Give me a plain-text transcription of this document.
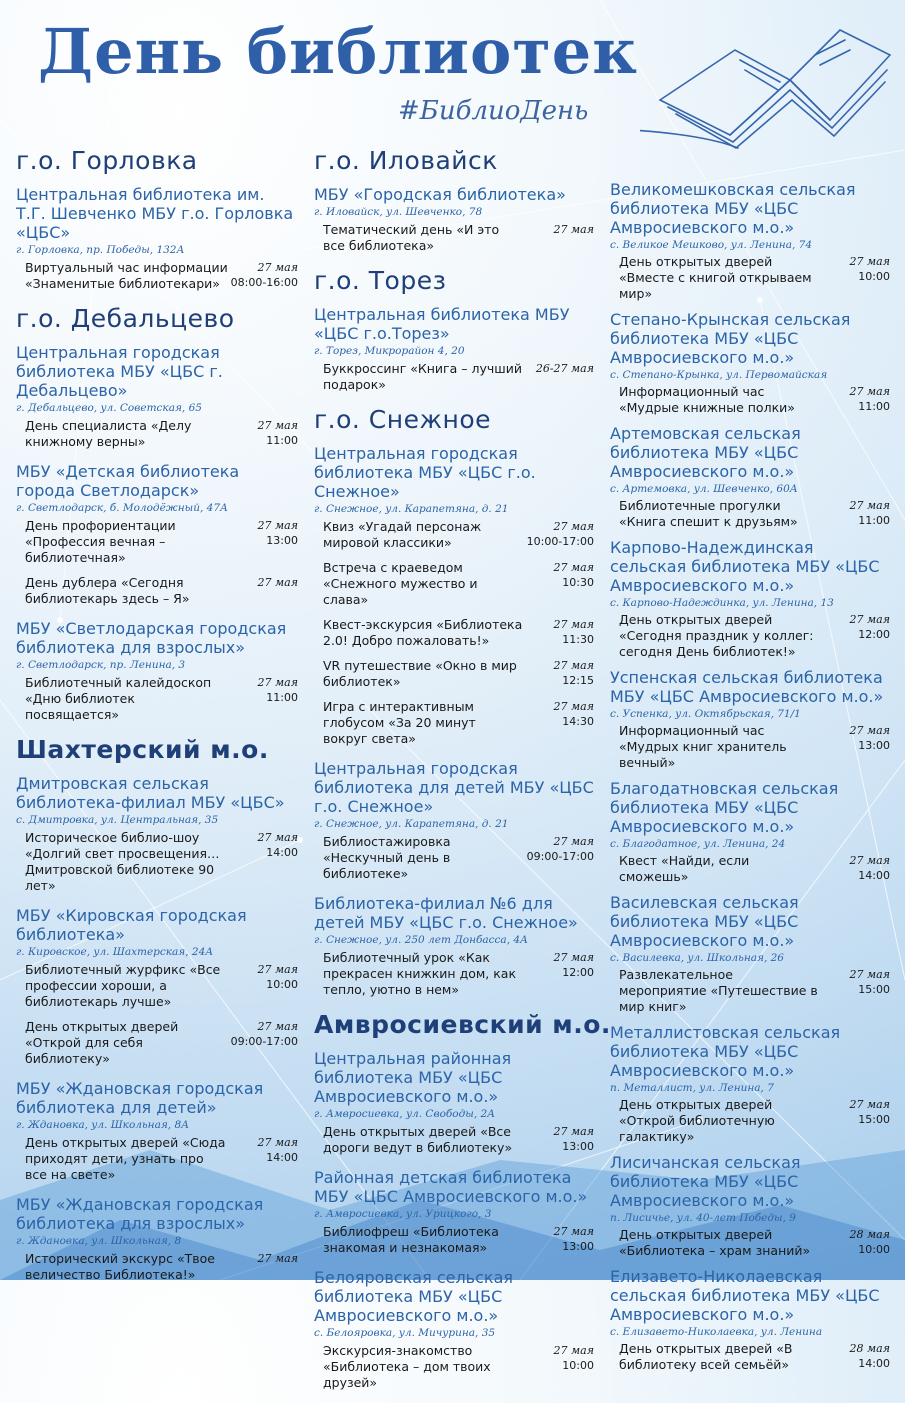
День библиотек
#БиблиоДень
г.о. Горловка
Центральная библиотека им. Т.Г. Шевченко МБУ г.о. Горловка «ЦБС»
г. Горловка, пр. Победы, 132А
Виртуальный час информации «Знаменитые библиотекари»
27 мая
08:00-16:00
г.о. Дебальцево
Центральная городская библиотека МБУ «ЦБС г. Дебальцево»
г. Дебальцево, ул. Советская, 65
День специалиста «Делу книжному верны»
27 мая
11:00
МБУ «Детская библиотека города Светлодарск»
г. Светлодарск, б. Молодёжный, 47А
День профориентации «Профессия вечная – библиотечная»
27 мая
13:00
День дублера «Сегодня библиотекарь здесь – Я»
27 мая
МБУ «Светлодарская городская библиотека для взрослых»
г. Светлодарск, пр. Ленина, 3
Библиотечный калейдоскоп «Дню библиотек посвящается»
27 мая
11:00
Шахтерский м.о.
Дмитровская сельская библиотека-филиал МБУ «ЦБС»
с. Дмитровка, ул. Центральная, 35
Историческое библио-шоу «Долгий свет просвещения… Дмитровской библиотеке 90 лет»
27 мая
14:00
МБУ «Кировская городская библиотека»
г. Кировское, ул. Шахтерская, 24А
Библиотечный журфикс «Все профессии хороши, а библиотекарь лучше»
27 мая
10:00
День открытых дверей «Открой для себя библиотеку»
27 мая
09:00-17:00
МБУ «Ждановская городская библиотека для детей»
г. Ждановка, ул. Школьная, 8А
День открытых дверей «Сюда приходят дети, узнать про все на свете»
27 мая
14:00
МБУ «Ждановская городская библиотека для взрослых»
г. Ждановка, ул. Школьная, 8
Исторический экскурс «Твое величество Библиотека!»
27 мая
г.о. Иловайск
МБУ «Городская библиотека»
г. Иловайск, ул. Шевченко, 78
Тематический день «И это все библиотека»
27 мая
г.о. Торез
Центральная библиотека МБУ «ЦБС г.о.Торез»
г. Торез, Микрорайон 4, 20
Буккроссинг «Книга – лучший подарок»
26-27 мая
г.о. Снежное
Центральная городская библиотека МБУ «ЦБС г.о. Снежное»
г. Снежное, ул. Карапетяна, д. 21
Квиз «Угадай персонаж мировой классики»
27 мая
10:00-17:00
Встреча с краеведом «Снежного мужество и слава»
27 мая
10:30
Квест-экскурсия «Библиотека 2.0! Добро пожаловать!»
27 мая
11:30
VR путешествие «Окно в мир библиотек»
27 мая
12:15
Игра с интерактивным глобусом «За 20 минут вокруг света»
27 мая
14:30
Центральная городская библиотека для детей МБУ «ЦБС г.о. Снежное»
г. Снежное, ул. Карапетяна, д. 21
Библиостажировка «Нескучный день в библиотеке»
27 мая
09:00-17:00
Библиотека-филиал №6 для детей МБУ «ЦБС г.о. Снежное»
г. Снежное, ул. 250 лет Донбасса, 4А
Библиотечный урок «Как прекрасен книжкин дом, как тепло, уютно в нем»
27 мая
12:00
Амвросиевский м.о.
Центральная районная библиотека МБУ «ЦБС Амвросиевского м.о.»
г. Амвросиевка, ул. Свободы, 2А
День открытых дверей «Все дороги ведут в библиотеку»
27 мая
13:00
Районная детская библиотека МБУ «ЦБС Амвросиевского м.о.»
г. Амвросиевка, ул. Урицкого, 3
Библиофреш «Библиотека знакомая и незнакомая»
27 мая
13:00
Белояровская сельская библиотека МБУ «ЦБС Амвросиевского м.о.»
с. Белояровка, ул. Мичурина, 35
Экскурсия-знакомство «Библиотека – дом твоих друзей»
27 мая
10:00
Великомешковская сельская библиотека МБУ «ЦБС Амвросиевского м.о.»
с. Великое Мешково, ул. Ленина, 74
День открытых дверей «Вместе с книгой открываем мир»
27 мая
10:00
Степано-Крынская сельская библиотека МБУ «ЦБС Амвросиевского м.о.»
с. Степано-Крынка, ул. Первомайская
Информационный час «Мудрые книжные полки»
27 мая
11:00
Артемовская сельская библиотека МБУ «ЦБС Амвросиевского м.о.»
с. Артемовка, ул. Шевченко, 60А
Библиотечные прогулки «Книга спешит к друзьям»
27 мая
11:00
Карпово-Надеждинская сельская библиотека МБУ «ЦБС Амвросиевского м.о.»
с. Карпово-Надеждинка, ул. Ленина, 13
День открытых дверей «Сегодня праздник у коллег: сегодня День библиотек!»
27 мая
12:00
Успенская сельская библиотека МБУ «ЦБС Амвросиевского м.о.»
с. Успенка, ул. Октябрьская, 71/1
Информационный час «Мудрых книг хранитель вечный»
27 мая
13:00
Благодатновская сельская библиотека МБУ «ЦБС Амвросиевского м.о.»
с. Благодатное, ул. Ленина, 24
Квест «Найди, если сможешь»
27 мая
14:00
Василевская сельская библиотека МБУ «ЦБС Амвросиевского м.о.»
с. Василевка, ул. Школьная, 26
Развлекательное мероприятие «Путешествие в мир книг»
27 мая
15:00
Металлистовская сельская библиотека МБУ «ЦБС Амвросиевского м.о.»
п. Металлист, ул. Ленина, 7
День открытых дверей «Открой библиотечную галактику»
27 мая
15:00
Лисичанская сельская библиотека МБУ «ЦБС Амвросиевского м.о.»
п. Лисичье, ул. 40-лет Победы, 9
День открытых дверей «Библиотека – храм знаний»
28 мая
10:00
Елизавето-Николаевская сельская библиотека МБУ «ЦБС Амвросиевского м.о.»
с. Елизавето-Николаевка, ул. Ленина
День открытых дверей «В библиотеку всей семьёй»
28 мая
14:00
